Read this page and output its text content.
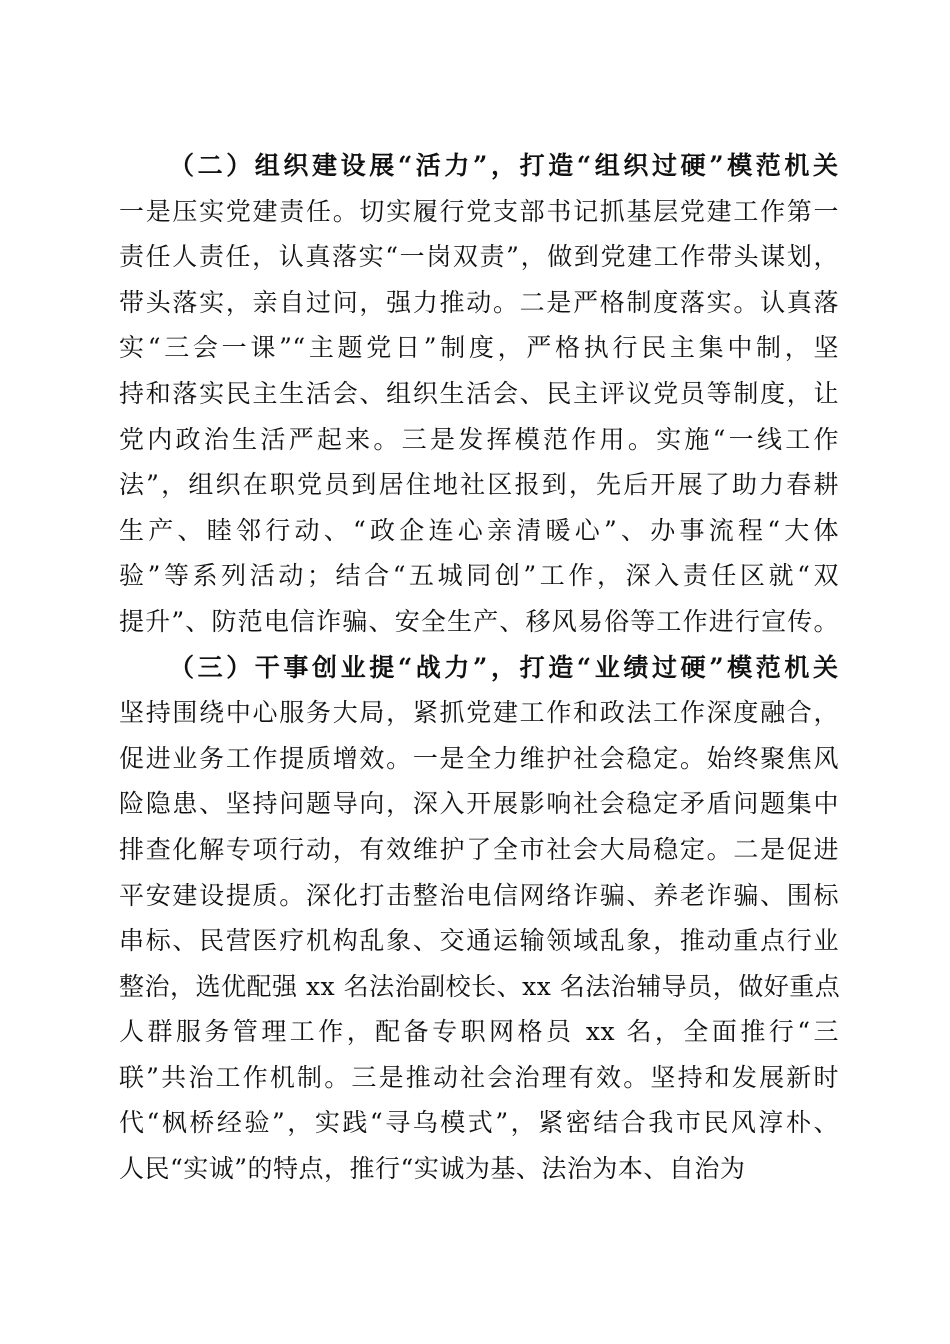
（二）组织建设展“活力”，打造“组织过硬”模范机关
一是压实党建责任。切实履行党支部书记抓基层党建工作第一
责任人责任，认真落实“一岗双责”，做到党建工作带头谋划，
带头落实，亲自过问，强力推动。二是严格制度落实。认真落
实“三会一课”“主题党日”制度，严格执行民主集中制，坚
持和落实民主生活会、组织生活会、民主评议党员等制度，让
党内政治生活严起来。三是发挥模范作用。实施“一线工作
法”，组织在职党员到居住地社区报到，先后开展了助力春耕
生产、睦邻行动、“政企连心亲清暖心”、办事流程“大体
验”等系列活动；结合“五城同创”工作，深入责任区就“双
提升”、防范电信诈骗、安全生产、移风易俗等工作进行宣传。
（三）干事创业提“战力”，打造“业绩过硬”模范机关
坚持围绕中心服务大局，紧抓党建工作和政法工作深度融合，
促进业务工作提质增效。一是全力维护社会稳定。始终聚焦风
险隐患、坚持问题导向，深入开展影响社会稳定矛盾问题集中
排查化解专项行动，有效维护了全市社会大局稳定。二是促进
平安建设提质。深化打击整治电信网络诈骗、养老诈骗、围标
串标、民营医疗机构乱象、交通运输领域乱象，推动重点行业
整治，选优配强 xx 名法治副校长、xx 名法治辅导员，做好重点
人群服务管理工作，配备专职网格员 xx 名，全面推行“三
联”共治工作机制。三是推动社会治理有效。坚持和发展新时
代“枫桥经验”，实践“寻乌模式”，紧密结合我市民风淳朴、
人民“实诚”的特点，推行“实诚为基、法治为本、自治为
